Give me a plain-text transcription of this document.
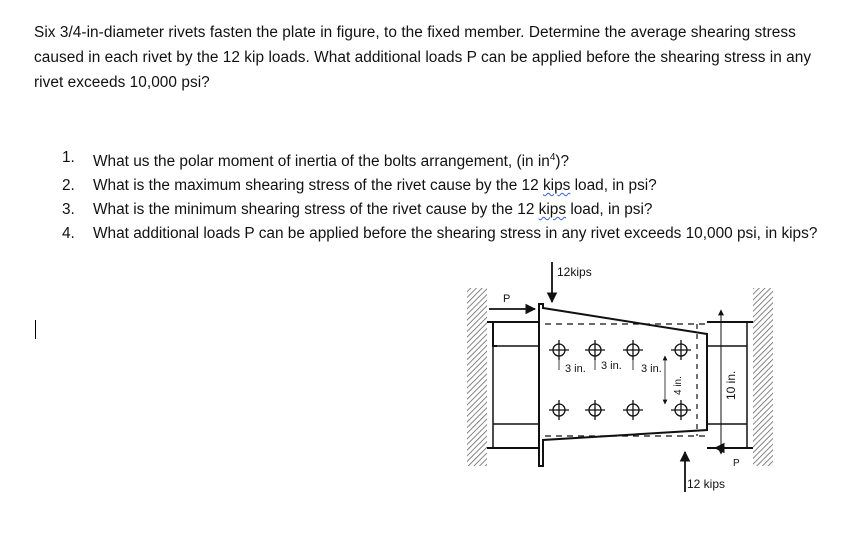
Six 3/4-in-diameter rivets fasten the plate in figure, to the fixed member. Determine the average shearing stress caused in each rivet by the 12 kip loads. What additional loads P can be applied before the shearing stress in any rivet exceeds 10,000 psi?
1. What us the polar moment of inertia of the bolts arrangement, (in $in^4$)?
2. What is the maximum shearing stress of the rivet cause by the 12 kips load, in psi?
3. What is the minimum shearing stress of the rivet cause by the 12 kips load, in psi?
4. What additional loads P can be applied before the shearing stress in any rivet exceeds 10,000 psi, in kips?
12kips
12 kips
P
P
3 in. 3 in. 3 in.
4 in.	10 in.
